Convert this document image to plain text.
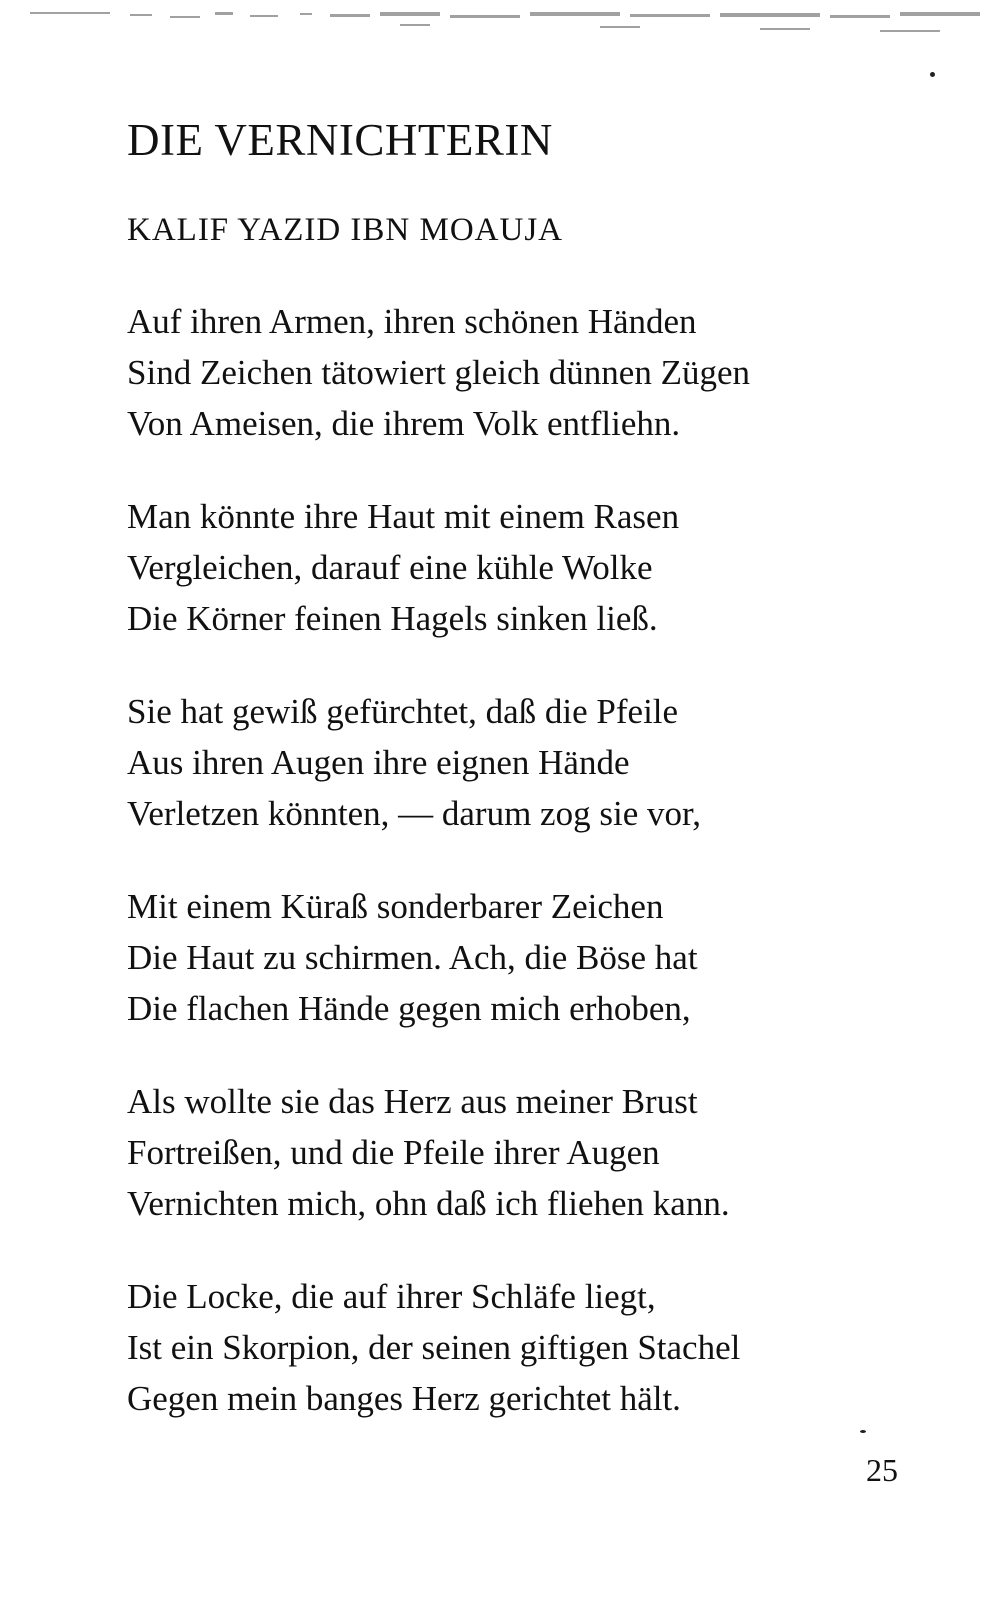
DIE VERNICHTERIN
KALIF YAZID IBN MOAUJA
Auf ihren Armen, ihren schönen Händen
Sind Zeichen tätowiert gleich dünnen Zügen
Von Ameisen, die ihrem Volk entfliehn.
Man könnte ihre Haut mit einem Rasen
Vergleichen, darauf eine kühle Wolke
Die Körner feinen Hagels sinken ließ.
Sie hat gewiß gefürchtet, daß die Pfeile
Aus ihren Augen ihre eignen Hände
Verletzen könnten, — darum zog sie vor,
Mit einem Küraß sonderbarer Zeichen
Die Haut zu schirmen. Ach, die Böse hat
Die flachen Hände gegen mich erhoben,
Als wollte sie das Herz aus meiner Brust
Fortreißen, und die Pfeile ihrer Augen
Vernichten mich, ohn daß ich fliehen kann.
Die Locke, die auf ihrer Schläfe liegt,
Ist ein Skorpion, der seinen giftigen Stachel
Gegen mein banges Herz gerichtet hält.
25
